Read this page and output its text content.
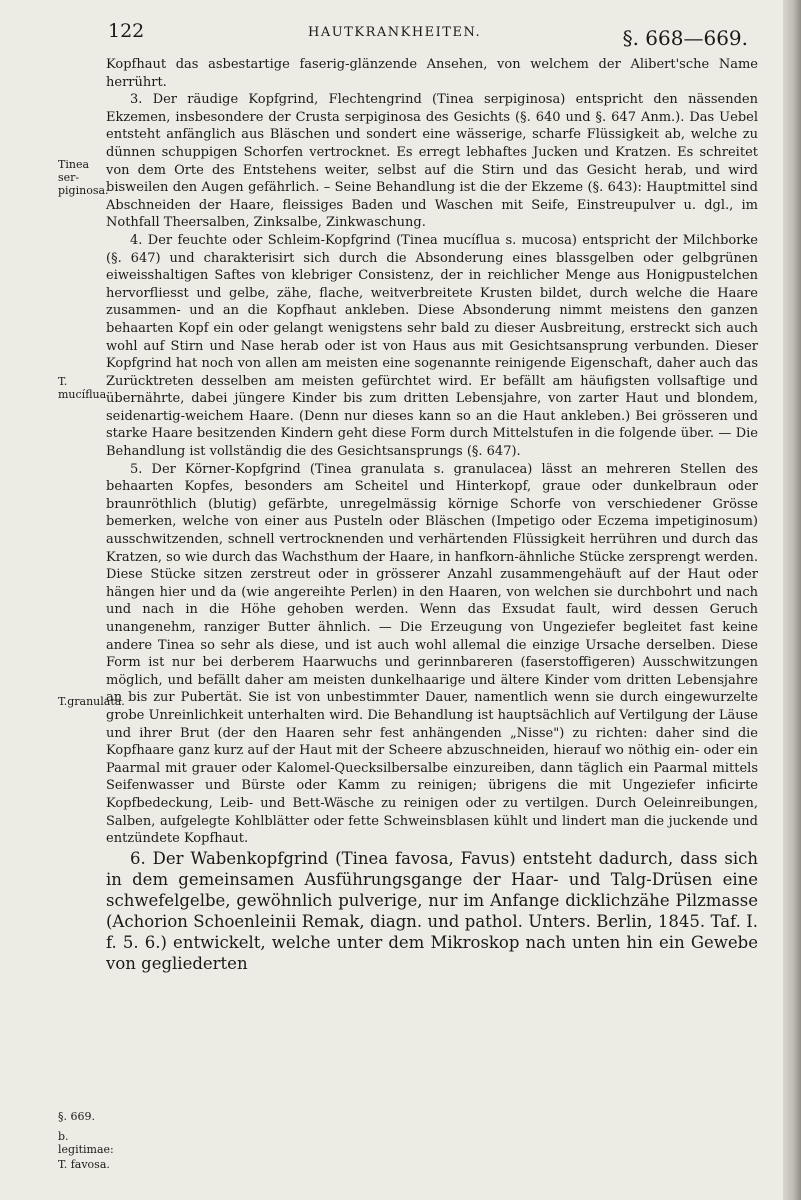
122	HAUTKRANKHEITEN.	§. 668—669.
Tinea ser-piginosa.
T. mucíflua.
T.granulata.
§. 669.
b. legitimae:
T. favosa.

Kopfhaut das asbestartige faserig-glänzende Ansehen, von welchem der Alibert'sche Name herrührt.

3. Der räudige Kopfgrind, Flechtengrind (Tinea serpiginosa) entspricht den nässenden Ekzemen, insbesondere der Crusta serpiginosa des Gesichts (§. 640 und §. 647 Anm.). Das Uebel entsteht anfänglich aus Bläschen und sondert eine wässerige, scharfe Flüssigkeit ab, welche zu dünnen schuppigen Schorfen vertrocknet. Es erregt lebhaftes Jucken und Kratzen. Es schreitet von dem Orte des Entstehens weiter, selbst auf die Stirn und das Gesicht herab, und wird bisweilen den Augen gefährlich. – Seine Behandlung ist die der Ekzeme (§. 643): Hauptmittel sind Abschneiden der Haare, fleissiges Baden und Waschen mit Seife, Einstreupulver u. dgl., im Nothfall Theersalben, Zinksalbe, Zinkwaschung.

4. Der feuchte oder Schleim-Kopfgrind (Tinea mucíflua s. mucosa) entspricht der Milchborke (§. 647) und charakterisirt sich durch die Absonderung eines blassgelben oder gelbgrünen eiweisshaltigen Saftes von klebriger Consistenz, der in reichlicher Menge aus Honigpustelchen hervorfliesst und gelbe, zähe, flache, weitverbreitete Krusten bildet, durch welche die Haare zusammen- und an die Kopfhaut ankleben. Diese Absonderung nimmt meistens den ganzen behaarten Kopf ein oder gelangt wenigstens sehr bald zu dieser Ausbreitung, erstreckt sich auch wohl auf Stirn und Nase herab oder ist von Haus aus mit Gesichtsansprung verbunden. Dieser Kopfgrind hat noch von allen am meisten eine sogenannte reinigende Eigenschaft, daher auch das Zurücktreten desselben am meisten gefürchtet wird. Er befällt am häufigsten vollsaftige und übernährte, dabei jüngere Kinder bis zum dritten Lebensjahre, von zarter Haut und blondem, seidenartig-weichem Haare. (Denn nur dieses kann so an die Haut ankleben.) Bei grösseren und starke Haare besitzenden Kindern geht diese Form durch Mittelstufen in die folgende über. — Die Behandlung ist vollständig die des Gesichtsansprungs (§. 647).

5. Der Körner-Kopfgrind (Tinea granulata s. granulacea) lässt an mehreren Stellen des behaarten Kopfes, besonders am Scheitel und Hinterkopf, graue oder dunkelbraun oder braunröthlich (blutig) gefärbte, unregelmässig körnige Schorfe von verschiedener Grösse bemerken, welche von einer aus Pusteln oder Bläschen (Impetigo oder Eczema impetiginosum) ausschwitzenden, schnell vertrocknenden und verhärtenden Flüssigkeit herrühren und durch das Kratzen, so wie durch das Wachsthum der Haare, in hanfkorn-ähnliche Stücke zersprengt werden. Diese Stücke sitzen zerstreut oder in grösserer Anzahl zusammengehäuft auf der Haut oder hängen hier und da (wie angereihte Perlen) in den Haaren, von welchen sie durchbohrt und nach und nach in die Höhe gehoben werden. Wenn das Exsudat fault, wird dessen Geruch unangenehm, ranziger Butter ähnlich. — Die Erzeugung von Ungeziefer begleitet fast keine andere Tinea so sehr als diese, und ist auch wohl allemal die einzige Ursache derselben. Diese Form ist nur bei derberem Haarwuchs und gerinnbareren (faserstoffigeren) Ausschwitzungen möglich, und befällt daher am meisten dunkelhaarige und ältere Kinder vom dritten Lebensjahre an bis zur Pubertät. Sie ist von unbestimmter Dauer, namentlich wenn sie durch eingewurzelte grobe Unreinlichkeit unterhalten wird. Die Behandlung ist hauptsächlich auf Vertilgung der Läuse und ihrer Brut (der den Haaren sehr fest anhängenden „Nisse") zu richten: daher sind die Kopfhaare ganz kurz auf der Haut mit der Scheere abzuschneiden, hierauf wo nöthig ein- oder ein Paarmal mit grauer oder Kalomel-Quecksilbersalbe einzureiben, dann täglich ein Paarmal mittels Seifenwasser und Bürste oder Kamm zu reinigen; übrigens die mit Ungeziefer inficirte Kopfbedeckung, Leib- und Bett-Wäsche zu reinigen oder zu vertilgen. Durch Oeleinreibungen, Salben, aufgelegte Kohlblätter oder fette Schweinsblasen kühlt und lindert man die juckende und entzündete Kopfhaut.

6. Der Wabenkopfgrind (Tinea favosa, Favus) entsteht dadurch, dass sich in dem gemeinsamen Ausführungsgange der Haar- und Talg-Drüsen eine schwefelgelbe, gewöhnlich pulverige, nur im Anfange dicklichzähe Pilzmasse (Achorion Schoenleinii Remak, diagn. und pathol. Unters. Berlin, 1845. Taf. I. f. 5. 6.) entwickelt, welche unter dem Mikroskop nach unten hin ein Gewebe von gegliederten
